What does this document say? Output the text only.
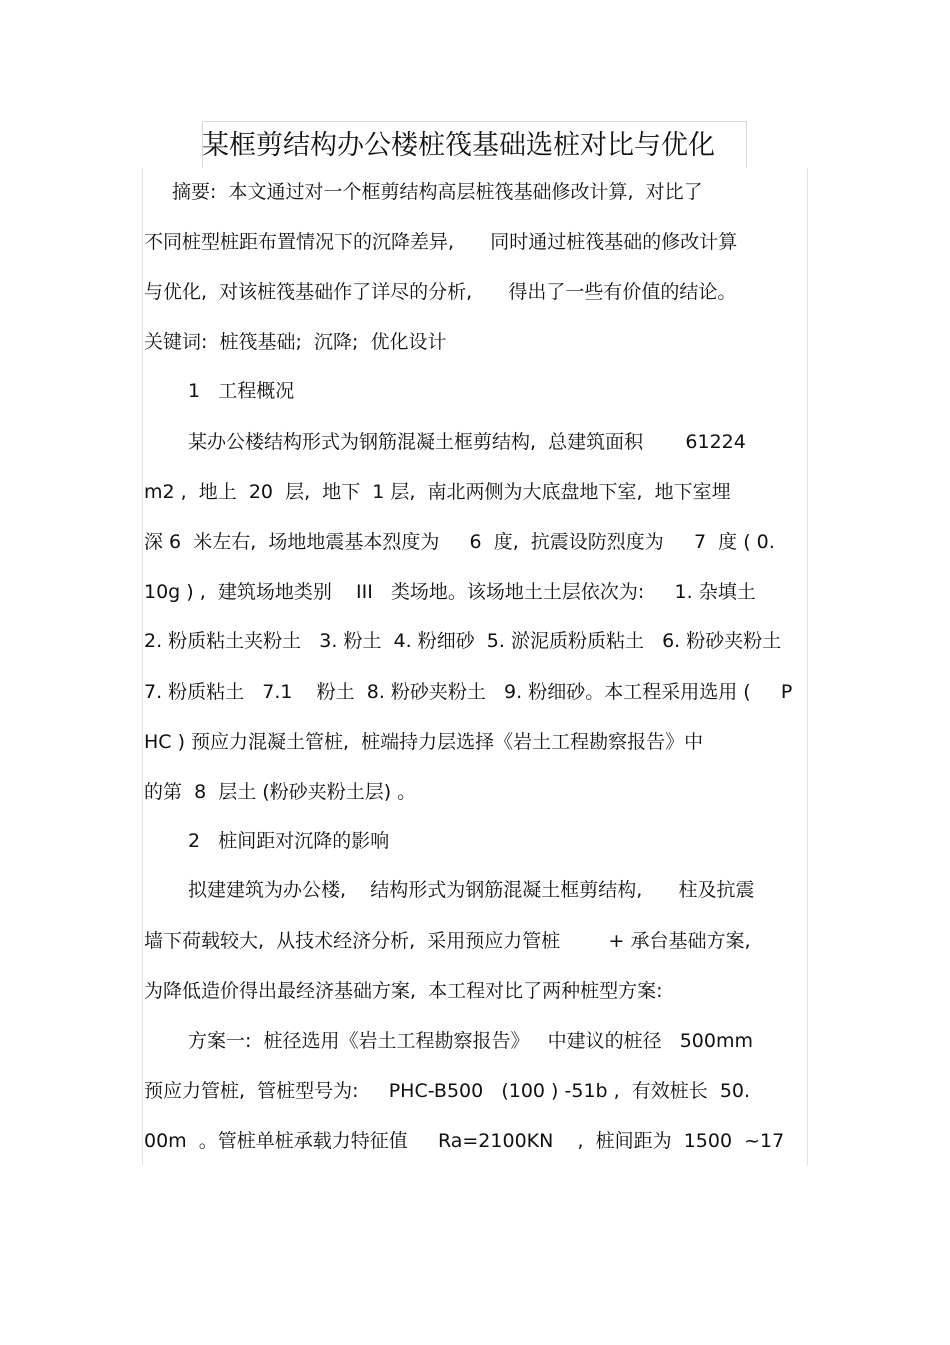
某框剪结构办公楼桩筏基础选桩对比与优化
摘要:  本文通过对一个框剪结构高层桩筏基础修改计算,  对比了
不同桩型桩距布置情况下的沉降差异,      同时通过桩筏基础的修改计算
与优化,  对该桩筏基础作了详尽的分析,      得出了一些有价值的结论。
关键词:  桩筏基础;  沉降;  优化设计
1   工程概况
某办公楼结构形式为钢筋混凝土框剪结构,  总建筑面积       61224
m2 ,  地上  20  层,  地下  1 层,  南北两侧为大底盘地下室,  地下室埋
深 6  米左右,  场地地震基本烈度为     6  度,  抗震设防烈度为     7  度 ( 0.
10g ) ,  建筑场地类别    III   类场地。该场地土土层依次为:     1. 杂填土
2. 粉质粘土夹粉土   3. 粉土  4. 粉细砂  5. 淤泥质粉质粘土   6. 粉砂夹粉土
7. 粉质粘土   7.1    粉土  8. 粉砂夹粉土   9. 粉细砂。本工程采用选用 (     P
HC ) 预应力混凝土管桩,  桩端持力层选择《岩土工程勘察报告》中
的第  8  层土 (粉砂夹粉土层) 。
2   桩间距对沉降的影响
拟建建筑为办公楼,    结构形式为钢筋混凝土框剪结构,      柱及抗震
墙下荷载较大,  从技术经济分析,  采用预应力管桩        + 承台基础方案,
为降低造价得出最经济基础方案,  本工程对比了两种桩型方案:
方案一:  桩径选用《岩土工程勘察报告》   中建议的桩径   500mm
预应力管桩,  管桩型号为:     PHC-B500   (100 ) -51b ,  有效桩长  50.
00m  。管桩单桩承载力特征值     Ra=2100KN    ,  桩间距为  1500  ~17
